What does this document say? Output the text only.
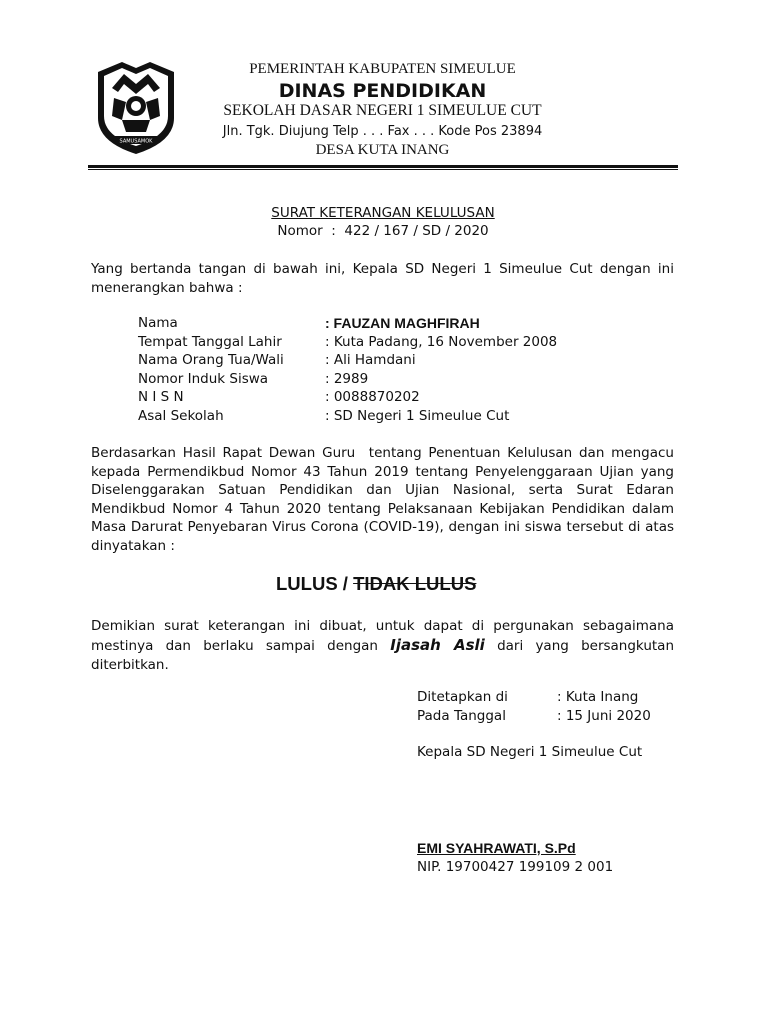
SAMUSAMOK
PEMERINTAH KABUPATEN SIMEULUE
DINAS PENDIDIKAN
SEKOLAH DASAR NEGERI 1 SIMEULUE CUT
Jln. Tgk. Diujung Telp . . . Fax . . . Kode Pos 23894
DESA KUTA INANG
SURAT KETERANGAN KELULUSAN
Nomor  :  422 / 167 / SD / 2020
Yang bertanda tangan di bawah ini, Kepala SD Negeri 1 Simeulue Cut dengan ini menerangkan bahwa :
Nama	: FAUZAN MAGHFIRAH
Tempat Tanggal Lahir	: Kuta Padang, 16 November 2008
Nama Orang Tua/Wali	: Ali Hamdani
Nomor Induk Siswa	: 2989
N I S N	: 0088870202
Asal Sekolah	: SD Negeri 1 Simeulue Cut
Berdasarkan Hasil Rapat Dewan Guru  tentang Penentuan Kelulusan dan mengacu kepada Permendikbud Nomor 43 Tahun 2019 tentang Penyelenggaraan Ujian yang Diselenggarakan Satuan Pendidikan dan Ujian Nasional, serta Surat Edaran Mendikbud Nomor 4 Tahun 2020 tentang Pelaksanaan Kebijakan Pendidikan dalam Masa Darurat Penyebaran Virus Corona (COVID-19), dengan ini siswa tersebut di atas dinyatakan :
LULUS / TIDAK LULUS
Demikian surat keterangan ini dibuat, untuk dapat di pergunakan sebagaimana mestinya dan berlaku sampai dengan Ijasah Asli dari yang bersangkutan diterbitkan.
Ditetapkan di	: Kuta Inang
Pada Tanggal	: 15 Juni 2020
Kepala SD Negeri 1 Simeulue Cut
EMI SYAHRAWATI, S.Pd
NIP. 19700427 199109 2 001
